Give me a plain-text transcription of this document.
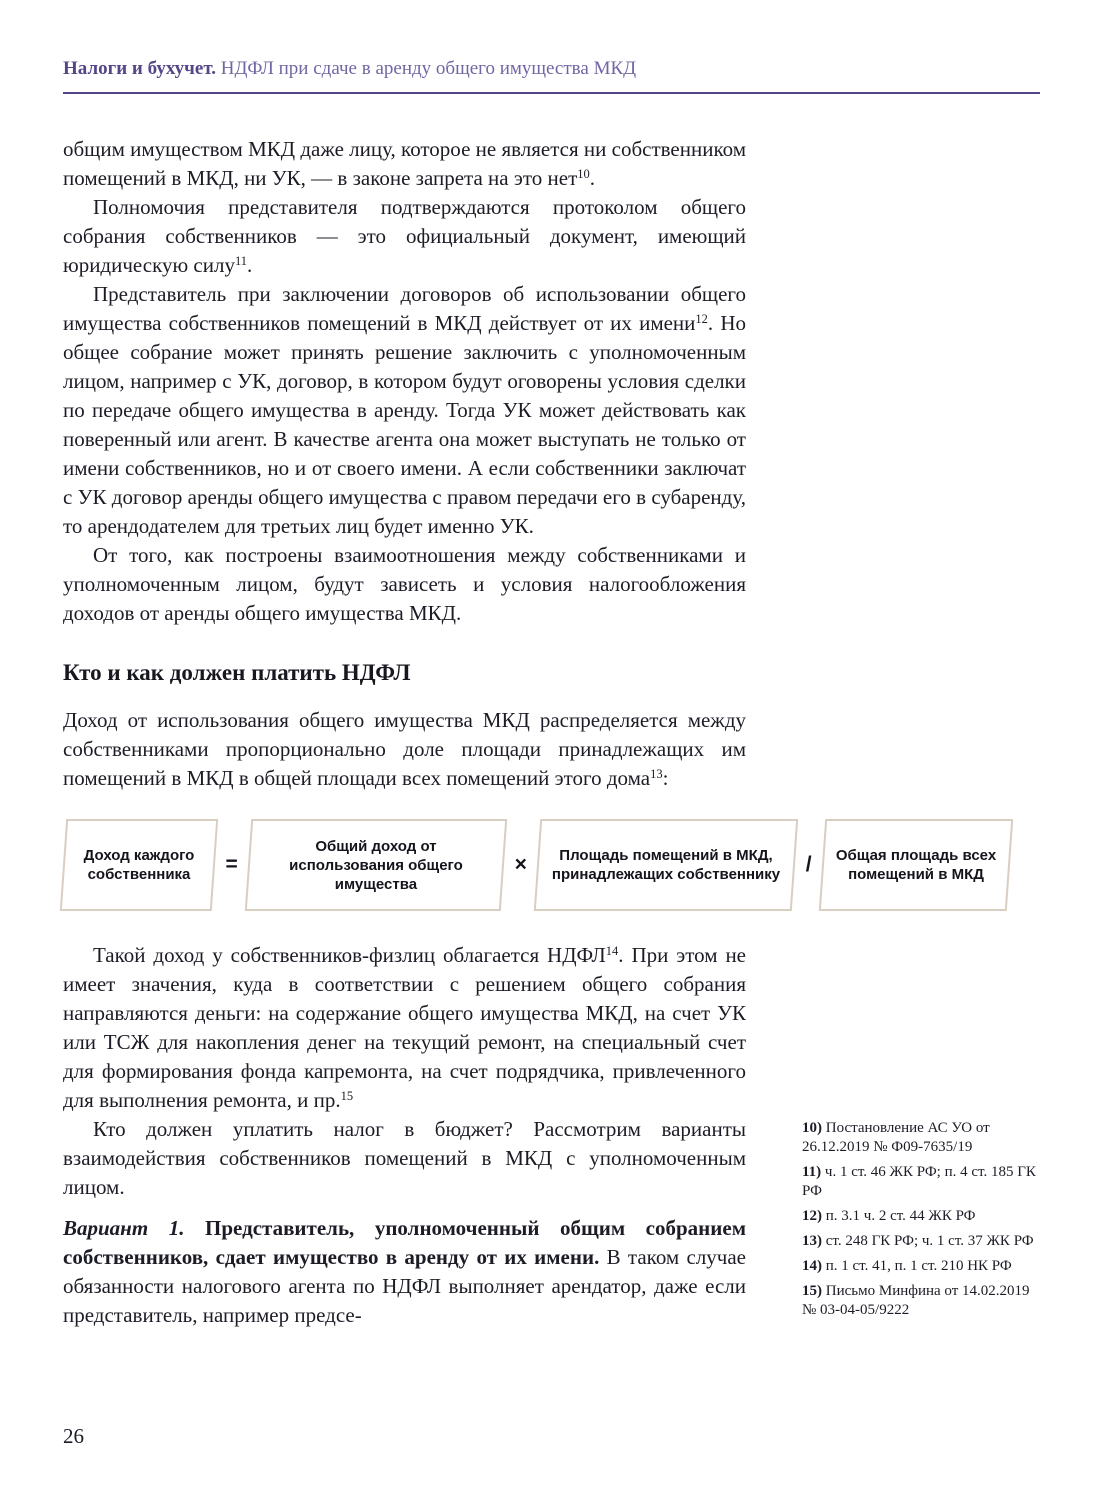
Налоги и бухучет. НДФЛ при сдаче в аренду общего имущества МКД

общим имуществом МКД даже лицу, которое не является ни собственником помещений в МКД, ни УК, — в законе запрета на это нет$^{10}$.

Полномочия представителя подтверждаются протоколом общего собрания собственников — это официальный документ, имеющий юридическую силу$^{11}$.

Представитель при заключении договоров об использовании общего имущества собственников помещений в МКД действует от их имени$^{12}$. Но общее собрание может принять решение заключить с уполномоченным лицом, например с УК, договор, в котором будут оговорены условия сделки по передаче общего имущества в аренду. Тогда УК может действовать как поверенный или агент. В качестве агента она может выступать не только от имени собственников, но и от своего имени. А если собственники заключат с УК договор аренды общего имущества с правом передачи его в субаренду, то арендодателем для третьих лиц будет именно УК.

От того, как построены взаимоотношения между собственниками и уполномоченным лицом, будут зависеть и условия налогообложения доходов от аренды общего имущества МКД.

Кто и как должен платить НДФЛ

Доход от использования общего имущества МКД распределяется между собственниками пропорционально доле площади принадлежащих им помещений в МКД в общей площади всех помещений этого дома$^{13}$:

Доход каждого собственника	=
Общий доход от использования общего имущества
×	Площадь помещений в МКД, принадлежащих собственнику	/	Общая площадь всех помещений в МКД

Такой доход у собственников-физлиц облагается НДФЛ$^{14}$. При этом не имеет значения, куда в соответствии с решением общего собрания направляются деньги: на содержание общего имущества МКД, на счет УК или ТСЖ для накопления денег на текущий ремонт, на специальный счет для формирования фонда капремонта, на счет подрядчика, привлеченного для выполнения ремонта, и пр.$^{15}$

Кто должен уплатить налог в бюджет? Рассмотрим варианты взаимодействия собственников помещений в МКД с уполномоченным лицом.

Вариант 1. Представитель, уполномоченный общим собранием собственников, сдает имущество в аренду от их имени. В таком случае обязанности налогового агента по НДФЛ выполняет арендатор, даже если представитель, например предсе-

10) Постановление АС УО от 26.12.2019 № Ф09-7635/19
11) ч. 1 ст. 46 ЖК РФ; п. 4 ст. 185 ГК РФ
12) п. 3.1 ч. 2 ст. 44 ЖК РФ
13) ст. 248 ГК РФ; ч. 1 ст. 37 ЖК РФ
14) п. 1 ст. 41, п. 1 ст. 210 НК РФ
15) Письмо Минфина от 14.02.2019 № 03-04-05/9222
26
